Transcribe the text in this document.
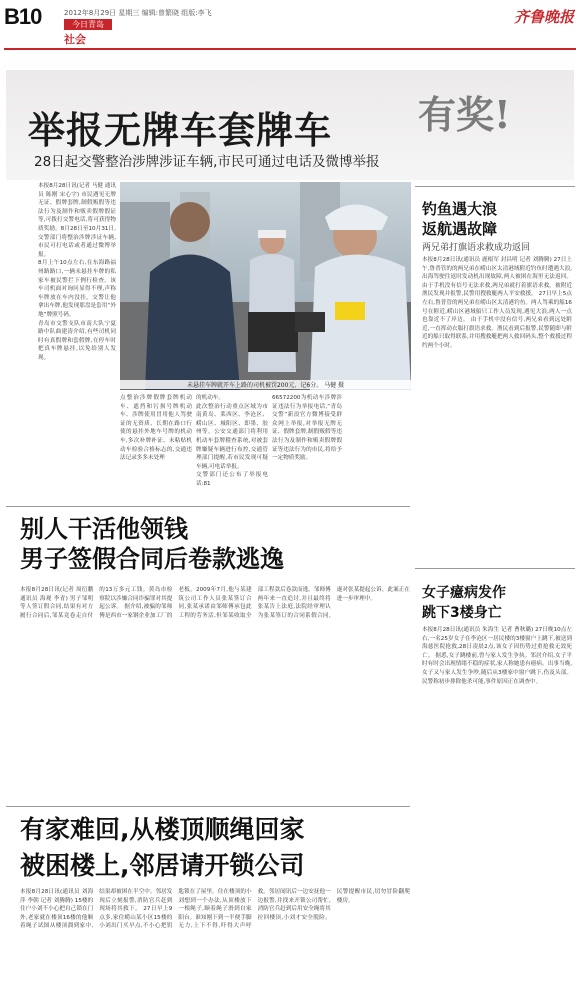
B10	2012年8月29日 星期三 编辑:曾繁晓 组版:李飞
今日青岛
社会
齐鲁晚报
举报无牌车套牌车 有奖!
28日起交警整治涉牌涉证车辆,市民可通过电话及微博举报
本报8月28日讯(记者 马健 通讯员 陈刚 宋心宇) 市民遇见无牌无证、假牌套牌,制假贩假等违法行为及制作和贩卖假牌假证等,可拨打交警电话,将可获得物质奖励。8月28日至10月31日,交警部门将整治涉牌涉证车辆,市民可打电话或者通过微博举报。
8月上午10点左右,在东海路福州路路口,一辆未悬挂车牌的私家车被民警拦下例行检查。该车司机面对询问显得不理,声称车牌放在车内没挂。交警让他拿出车牌,他发现那盘是套用“外地”牌照号码。
青岛市交警支队市南大队宁夏路中队曲建涛介绍,有些司机同时有真假牌和套假牌,在停车时把真车牌悬挂,以免给别人发现。
未悬挂车牌就开车上路的司机被罚200元、记6分。 马健 摄
点整治涉牌假牌套牌机动车、遮挡和污损号牌机动车、涉牌使用冒用他人驾驶证的无资质、长期在路口行使的悬挂外地车号牌的机动车,多次补牌补证、未粘贴机动车检验合格标志的,交通违法记录多多未处理
的机动车。
此次整治行动重点区域为市南黄岛、莱西区、李沧区、崂山区、城阳区、即墨、胶州等。公安交通部门将利用机动车套牌稽查系统,对被套牌嫌疑车辆进行布控,交通管理部门提醒,若市民发现可疑车辆,可电话举报。
交警部门还公布了举报电话:81
66572200为机动车涉牌涉证违法行为举报电话,“青岛交警”新浪官方微博接受群众网上举报,对举报无牌无证、假牌套牌,制假贩假等违法行为及制作和贩卖假牌假证等违法行为的市民,将给予一定物质奖励。
钓鱼遇大浪
返航遇故障
两兄弟打旗语求救成功返回
本报8月28日讯(通讯员 鹿根军 封昌明 记者 刘腾腾) 27日上午,鲁普管的的两兄弟在崂山区太清港域附近钓鱼时遭遇大浪,出海驾驶往返时发动机出现故障,两人被困在海里无法返回。由于手机没有信号无法求救,两兄弟就打着旗语求救。被附近渔民发现并报警,民警用搜救艇两人平安救援。 27日早上5点左右,鲁普管的两兄弟在崂山区太清港钓鱼。两人驾乘的船16号在附近,崂山区港域船只工作人员发现,遇见大浪,两人一点也靠近不了岸边。 由于手机中没有信号,两兄弟看到远处附近,一直挥动衣服打旗语求救。渔民看到后报警,民警随即与附近的船只取得联系,并用搜救艇把两人救回码头,整个救援过程约两个小时。
女子癔病发作
跳下3楼身亡
本报8月28日讯(通讯员 朱海生 记者 曹秋璐) 27日晚10点左右,一名25岁女子在李沧区一居民楼的3楼窗户上跳下,被送到海慈医院抢救,28日凌晨2点,该女子因伤势过重抢救无效死亡。 据悉,女子跳楼前,曾与家人发生争执。邻居介绍,女子平时有时会出现情绪不稳的症状,家人称她患有癔病。出事当晚,女子又与家人发生争吵,随后从3楼家中窗户跳下,伤及头部。民警称初步排除他杀可能,事件原因正在调查中。
别人干活他领钱
男子签假合同后卷款逃逸
本报8月28日讯(记者 周衍鹏 通讯员 海观 李青) 男子邹明等人签订假合同,结果有对方履行合同后,邹某竟卷走自付的13万多元工钱。黄岛市检察院以涉嫌合同诈骗罪对其提起公诉。 据介绍,被骗的邹师傅是西市一家钢企业加工厂的老板。2009年7月,他与某建筑公司工作人员张某签订合同,张某承诺由邹师傅承包此工程的劳务活,但邹某收取全部工程款后卷款而逃。邹师傅两年来一直追讨,并且最终将张某告上法庭,法院经审理认为张某签订的合同系假合同,遂对张某提起公诉。此案正在进一步审理中。
有家难回,从楼顶顺绳回家
被困楼上,邻居请开锁公司
本报8月28日讯(通讯员 刘海萍 李朝 记者 刘腾腾) 15楼的住户小刘不小心把自己锁在门外,老家就在楼顶16楼的他顺着绳子试图从楼顶溜到家中,结果却被困在半空中。邻居发现后立刻报警,消防官兵赶到现场将其救下。 27日早上9点多,家住崂山某小区15楼的小刘出门买早点,不小心把钥匙锁在了屋里。住在楼顶的小刘想到一个办法,从顶楼放下一根绳子,顺着绳子滑到自家阳台。谁知刚下到一半便手脚无力,上下不得,吓得大声呼救。邻居闻讯后一边安抚他一边报警,并找来开锁公司帮忙,消防官兵赶到后用安全绳将其拉回楼顶,小刘才安全脱险。民警提醒市民,切勿冒险翻爬楼房。
